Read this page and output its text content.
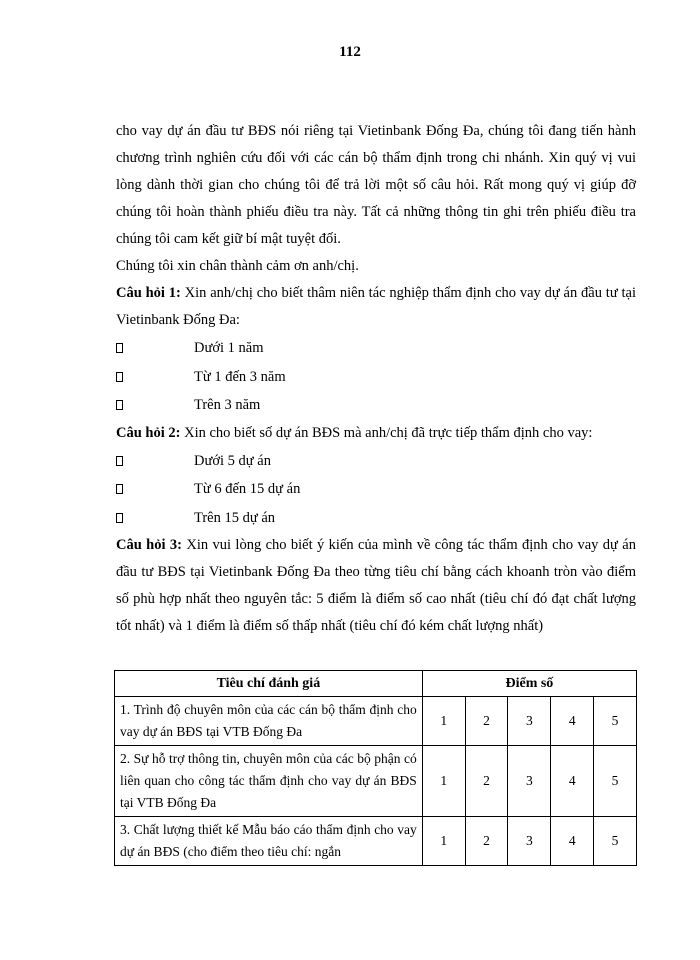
112

cho vay dự án đầu tư BĐS nói riêng tại Vietinbank Đống Đa, chúng tôi đang tiến hành chương trình nghiên cứu đối với các cán bộ thẩm định trong chi nhánh. Xin quý vị vui lòng dành thời gian cho chúng tôi để trả lời một số câu hỏi. Rất mong quý vị giúp đỡ chúng tôi hoàn thành phiếu điều tra này. Tất cả những thông tin ghi trên phiếu điều tra chúng tôi cam kết giữ bí mật tuyệt đối.

Chúng tôi xin chân thành cảm ơn anh/chị.

Câu hỏi 1: Xin anh/chị cho biết thâm niên tác nghiệp thẩm định cho vay dự án đầu tư tại Vietinbank Đống Đa:

Dưới 1 năm
Từ 1 đến 3 năm
Trên 3 năm

Câu hỏi 2: Xin cho biết số dự án BĐS mà anh/chị đã trực tiếp thẩm định cho vay:

Dưới 5 dự án
Từ 6 đến 15 dự án
Trên 15 dự án

Câu hỏi 3: Xin vui lòng cho biết ý kiến của mình về công tác thẩm định cho vay dự án đầu tư BĐS tại Vietinbank Đống Đa theo từng tiêu chí bằng cách khoanh tròn vào điểm số phù hợp nhất theo nguyên tắc: 5 điểm là điểm số cao nhất (tiêu chí đó đạt chất lượng tốt nhất) và 1 điểm là điểm số thấp nhất (tiêu chí đó kém chất lượng nhất)

Tiêu chí đánh giá	Điểm số				

1. Trình độ chuyên môn của các cán bộ thẩm định cho vay dự án BĐS tại VTB Đống Đa	1	2	3	4	5

2. Sự hỗ trợ thông tin, chuyên môn của các bộ phận có liên quan cho công tác thẩm định cho vay dự án BĐS tại VTB Đống Đa	1	2	3	4	5

3. Chất lượng thiết kế Mẫu báo cáo thẩm định cho vay dự án BĐS (cho điểm theo tiêu chí: ngắn	1	2	3	4	5
